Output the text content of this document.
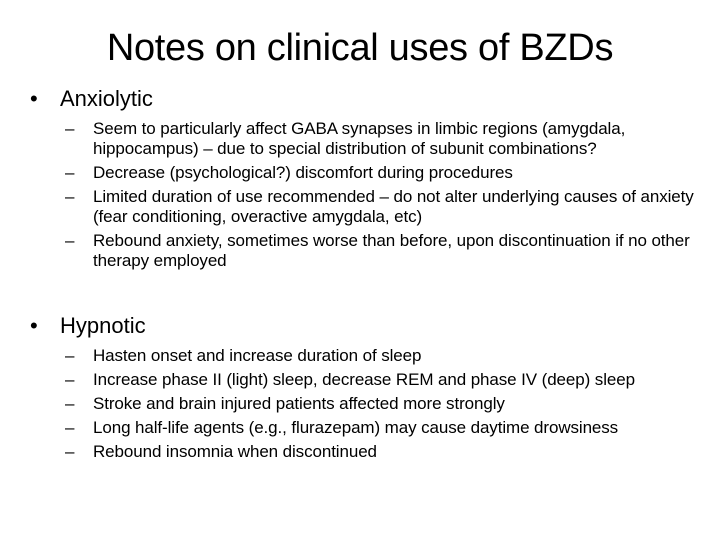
Notes on clinical uses of BZDs
• Anxiolytic
– Seem to particularly affect GABA synapses in limbic regions (amygdala, hippocampus) – due to special distribution of subunit combinations?
– Decrease (psychological?) discomfort during procedures
– Limited duration of use recommended – do not alter underlying causes of anxiety (fear conditioning, overactive amygdala, etc)
– Rebound anxiety, sometimes worse than before, upon discontinuation if no other therapy employed
• Hypnotic
– Hasten onset and increase duration of sleep
– Increase phase II (light) sleep, decrease REM and phase IV (deep) sleep
– Stroke and brain injured patients affected more strongly
– Long half-life agents (e.g., flurazepam) may cause daytime drowsiness
– Rebound insomnia when discontinued
